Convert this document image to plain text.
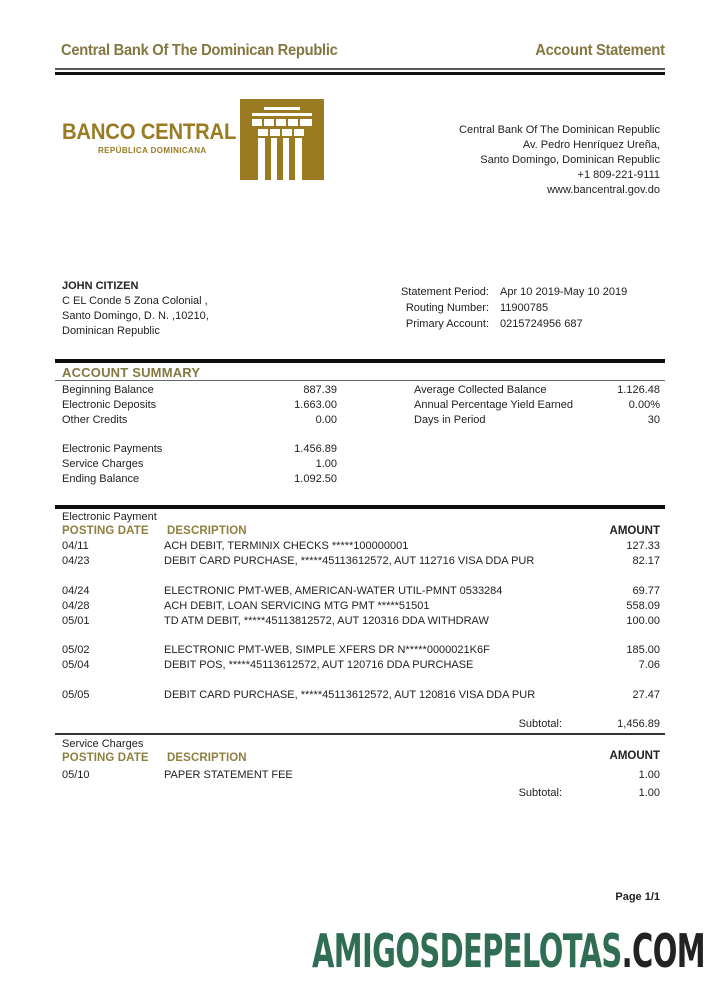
Central Bank Of The Dominican Republic	Account Statement
BANCO CENTRAL
REPÚBLICA DOMINICANA
Central Bank Of The Dominican Republic
Av. Pedro Henríquez Ureña,
Santo Domingo, Dominican Republic
+1 809-221-9111
www.bancentral.gov.do
JOHN CITIZEN
C EL Conde 5 Zona Colonial ,
Santo Domingo, D. N. ,10210,
Dominican Republic
Statement Period:	Apr 10 2019-May 10 2019
Routing Number:	11900785
Primary Account:	0215724956 687
ACCOUNT SUMMARY
Beginning Balance	887.39
Electronic Deposits	1.663.00
Other Credits	0.00
Electronic Payments	1.456.89
Service Charges	1.00
Ending Balance	1.092.50
Average Collected Balance	1.126.48
Annual Percentage Yield Earned	0.00%
Days in Period	30
Electronic Payment
POSTING DATE DESCRIPTION	AMOUNT
04/11	ACH DEBIT, TERMINIX CHECKS *****100000001	127.33
04/23	DEBIT CARD PURCHASE, *****45113612572, AUT 112716 VISA DDA PUR	82.17
04/24	ELECTRONIC PMT-WEB, AMERICAN-WATER UTIL-PMNT 0533284	69.77
04/28	ACH DEBIT, LOAN SERVICING MTG PMT *****51501	558.09
05/01	TD ATM DEBIT, *****45113812572, AUT 120316 DDA WITHDRAW	100.00
05/02	ELECTRONIC PMT-WEB, SIMPLE XFERS DR N*****0000021K6F	185.00
05/04	DEBIT POS, *****45113612572, AUT 120716 DDA PURCHASE	7.06
05/05	DEBIT CARD PURCHASE, *****45113612572, AUT 120816 VISA DDA PUR	27.47
Subtotal:	1,456.89
Service Charges
POSTING DATE DESCRIPTION	AMOUNT
05/10	PAPER STATEMENT FEE	1.00
Subtotal:	1.00
Page 1/1
AMIGOSDEPELOTAS.COM
